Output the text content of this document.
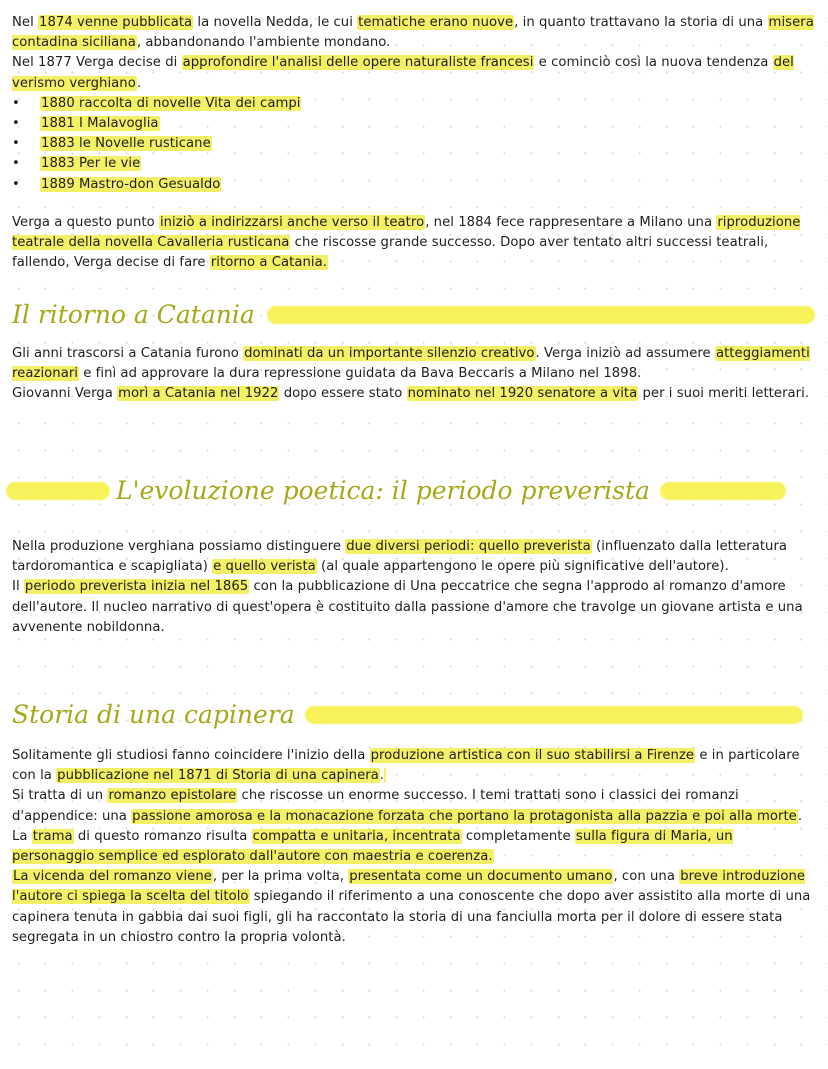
Nel 1874 venne pubblicata la novella Nedda, le cui tematiche erano nuove, in quanto trattavano la storia di una misera contadina siciliana, abbandonando l'ambiente mondano.

Nel 1877 Verga decise di approfondire l'analisi delle opere naturaliste francesi e cominciò così la nuova tendenza del verismo verghiano.

• 1880 raccolta di novelle Vita dei campi
• 1881 I Malavoglia
• 1883 le Novelle rusticane
• 1883 Per le vie
• 1889 Mastro-don Gesualdo

Verga a questo punto iniziò a indirizzarsi anche verso il teatro, nel 1884 fece rappresentare a Milano una riproduzione teatrale della novella Cavalleria rusticana che riscosse grande successo. Dopo aver tentato altri successi teatrali, fallendo, Verga decise di fare ritorno a Catania.

Il ritorno a Catania

Gli anni trascorsi a Catania furono dominati da un importante silenzio creativo. Verga iniziò ad assumere atteggiamenti reazionari e finì ad approvare la dura repressione guidata da Bava Beccaris a Milano nel 1898.

Giovanni Verga morì a Catania nel 1922 dopo essere stato nominato nel 1920 senatore a vita per i suoi meriti letterari.

L'evoluzione poetica: il periodo preverista

Nella produzione verghiana possiamo distinguere due diversi periodi: quello preverista (influenzato dalla letteratura tardoromantica e scapigliata) e quello verista (al quale appartengono le opere più significative dell'autore).

Il periodo preverista inizia nel 1865 con la pubblicazione di Una peccatrice che segna l'approdo al romanzo d'amore dell'autore. Il nucleo narrativo di quest'opera è costituito dalla passione d'amore che travolge un giovane artista e una avvenente nobildonna.

Storia di una capinera

Solitamente gli studiosi fanno coincidere l'inizio della produzione artistica con il suo stabilirsi a Firenze e in particolare con la pubblicazione nel 1871 di Storia di una capinera.

Si tratta di un romanzo epistolare che riscosse un enorme successo. I temi trattati sono i classici dei romanzi d'appendice: una passione amorosa e la monacazione forzata che portano la protagonista alla pazzia e poi alla morte.

La trama di questo romanzo risulta compatta e unitaria, incentrata completamente sulla figura di Maria, un personaggio semplice ed esplorato dall'autore con maestria e coerenza.

La vicenda del romanzo viene, per la prima volta, presentata come un documento umano, con una breve introduzione l'autore ci spiega la scelta del titolo spiegando il riferimento a una conoscente che dopo aver assistito alla morte di una capinera tenuta in gabbia dai suoi figli, gli ha raccontato la storia di una fanciulla morta per il dolore di essere stata segregata in un chiostro contro la propria volontà.
